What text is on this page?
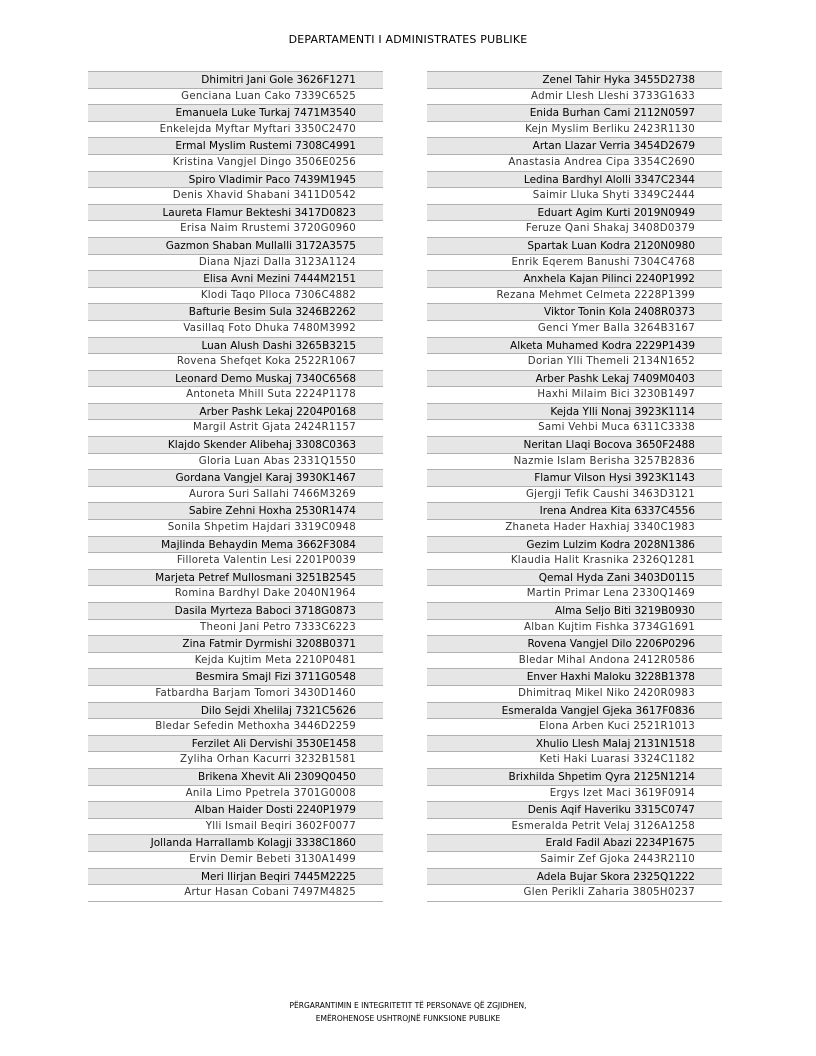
DEPARTAMENTI I ADMINISTRATES PUBLIKE
Dhimitri Jani Gole 3626F1271
Genciana Luan Cako 7339C6525
Emanuela Luke Turkaj 7471M3540
Enkelejda Myftar Myftari 3350C2470
Ermal Myslim Rustemi 7308C4991
Kristina Vangjel Dingo 3506E0256
Spiro Vladimir Paco 7439M1945
Denis Xhavid Shabani 3411D0542
Laureta Flamur Bekteshi 3417D0823
Erisa Naim Rrustemi 3720G0960
Gazmon Shaban Mullalli 3172A3575
Diana Njazi Dalla 3123A1124
Elisa Avni Mezini 7444M2151
Klodi Taqo Plloca 7306C4882
Bafturie Besim Sula 3246B2262
Vasillaq Foto Dhuka 7480M3992
Luan Alush Dashi 3265B3215
Rovena Shefqet Koka 2522R1067
Leonard Demo Muskaj 7340C6568
Antoneta Mhill Suta 2224P1178
Arber Pashk Lekaj 2204P0168
Margil Astrit Gjata 2424R1157
Klajdo Skender Alibehaj 3308C0363
Gloria Luan Abas 2331Q1550
Gordana Vangjel Karaj 3930K1467
Aurora Suri Sallahi 7466M3269
Sabire Zehni Hoxha 2530R1474
Sonila Shpetim Hajdari 3319C0948
Majlinda Behaydin Mema 3662F3084
Filloreta Valentin Lesi 2201P0039
Marjeta Petref Mullosmani 3251B2545
Romina Bardhyl Dake 2040N1964
Dasila Myrteza Baboci 3718G0873
Theoni Jani Petro 7333C6223
Zina Fatmir Dyrmishi 3208B0371
Kejda Kujtim Meta 2210P0481
Besmira Smajl Fizi 3711G0548
Fatbardha Barjam Tomori 3430D1460
Dilo Sejdi Xhelilaj 7321C5626
Bledar Sefedin Methoxha 3446D2259
Ferzilet Ali Dervishi 3530E1458
Zyliha Orhan Kacurri 3232B1581
Brikena Xhevit Ali 2309Q0450
Anila Limo Ppetrela 3701G0008
Alban Haider Dosti 2240P1979
Ylli Ismail Beqiri 3602F0077
Jollanda Harrallamb Kolagji 3338C1860
Ervin Demir Bebeti 3130A1499
Meri Ilirjan Beqiri 7445M2225
Artur Hasan Cobani 7497M4825
Zenel Tahir Hyka 3455D2738
Admir Llesh Lleshi 3733G1633
Enida Burhan Cami 2112N0597
Kejn Myslim Berliku 2423R1130
Artan Llazar Verria 3454D2679
Anastasia Andrea Cipa 3354C2690
Ledina Bardhyl Alolli 3347C2344
Saimir Lluka Shyti 3349C2444
Eduart Agim Kurti 2019N0949
Feruze Qani Shakaj 3408D0379
Spartak Luan Kodra 2120N0980
Enrik Eqerem Banushi 7304C4768
Anxhela Kajan Pilinci 2240P1992
Rezana Mehmet Celmeta 2228P1399
Viktor Tonin Kola 2408R0373
Genci Ymer Balla 3264B3167
Alketa Muhamed Kodra 2229P1439
Dorian Ylli Themeli 2134N1652
Arber Pashk Lekaj 7409M0403
Haxhi Milaim Bici 3230B1497
Kejda Ylli Nonaj 3923K1114
Sami Vehbi Muca 6311C3338
Neritan Llaqi Bocova 3650F2488
Nazmie Islam Berisha 3257B2836
Flamur Vilson Hysi 3923K1143
Gjergji Tefik Caushi 3463D3121
Irena Andrea Kita 6337C4556
Zhaneta Hader Haxhiaj 3340C1983
Gezim Lulzim Kodra 2028N1386
Klaudia Halit Krasnika 2326Q1281
Qemal Hyda Zani 3403D0115
Martin Primar Lena 2330Q1469
Alma Seljo Biti 3219B0930
Alban Kujtim Fishka 3734G1691
Rovena Vangjel Dilo 2206P0296
Bledar Mihal Andona 2412R0586
Enver Haxhi Maloku 3228B1378
Dhimitraq Mikel Niko 2420R0983
Esmeralda Vangjel Gjeka 3617F0836
Elona Arben Kuci 2521R1013
Xhulio Llesh Malaj 2131N1518
Keti Haki Luarasi 3324C1182
Brixhilda Shpetim Qyra 2125N1214
Ergys Izet Maci 3619F0914
Denis Aqif Haveriku 3315C0747
Esmeralda Petrit Velaj 3126A1258
Erald Fadil Abazi 2234P1675
Saimir Zef Gjoka 2443R2110
Adela Bujar Skora 2325Q1222
Glen Perikli Zaharia 3805H0237
PËRGARANTIMIN E INTEGRITETIT TË PERSONAVE QË ZGJIDHEN,
EMËROHENOSE USHTROJNË FUNKSIONE PUBLIKE
